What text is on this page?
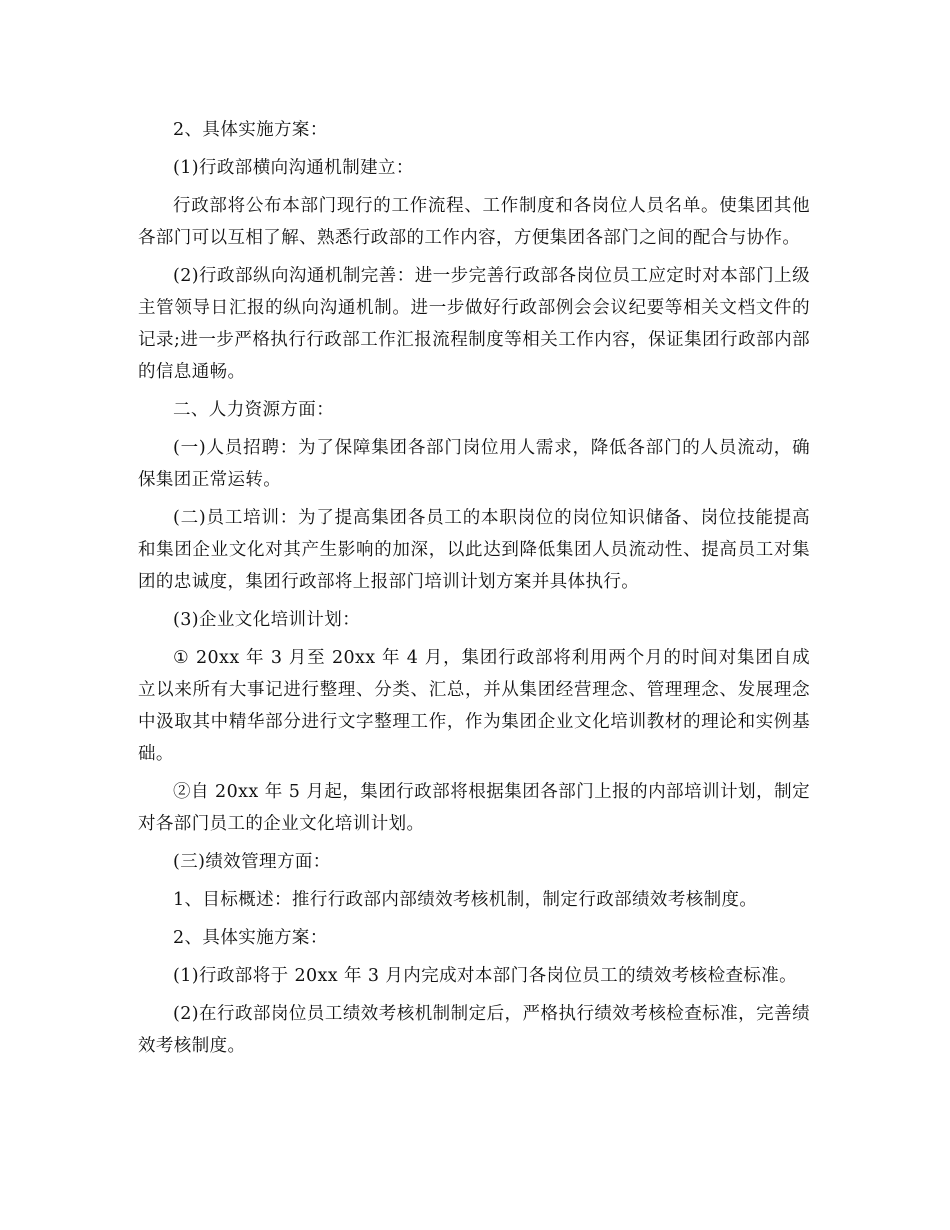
2、具体实施方案：

(1)行政部横向沟通机制建立：

行政部将公布本部门现行的工作流程、工作制度和各岗位人员名单。使集团其他各部门可以互相了解、熟悉行政部的工作内容，方便集团各部门之间的配合与协作。

(2)行政部纵向沟通机制完善：进一步完善行政部各岗位员工应定时对本部门上级主管领导日汇报的纵向沟通机制。进一步做好行政部例会会议纪要等相关文档文件的记录;进一步严格执行行政部工作汇报流程制度等相关工作内容，保证集团行政部内部的信息通畅。

二、人力资源方面：

(一)人员招聘：为了保障集团各部门岗位用人需求，降低各部门的人员流动，确保集团正常运转。

(二)员工培训：为了提高集团各员工的本职岗位的岗位知识储备、岗位技能提高和集团企业文化对其产生影响的加深，以此达到降低集团人员流动性、提高员工对集团的忠诚度，集团行政部将上报部门培训计划方案并具体执行。

(3)企业文化培训计划：

① 20xx 年 3 月至 20xx 年 4 月，集团行政部将利用两个月的时间对集团自成立以来所有大事记进行整理、分类、汇总，并从集团经营理念、管理理念、发展理念中汲取其中精华部分进行文字整理工作，作为集团企业文化培训教材的理论和实例基础。

②自 20xx 年 5 月起，集团行政部将根据集团各部门上报的内部培训计划，制定对各部门员工的企业文化培训计划。

(三)绩效管理方面：

1、目标概述：推行行政部内部绩效考核机制，制定行政部绩效考核制度。

2、具体实施方案：

(1)行政部将于 20xx 年 3 月内完成对本部门各岗位员工的绩效考核检查标准。

(2)在行政部岗位员工绩效考核机制制定后，严格执行绩效考核检查标准，完善绩效考核制度。
